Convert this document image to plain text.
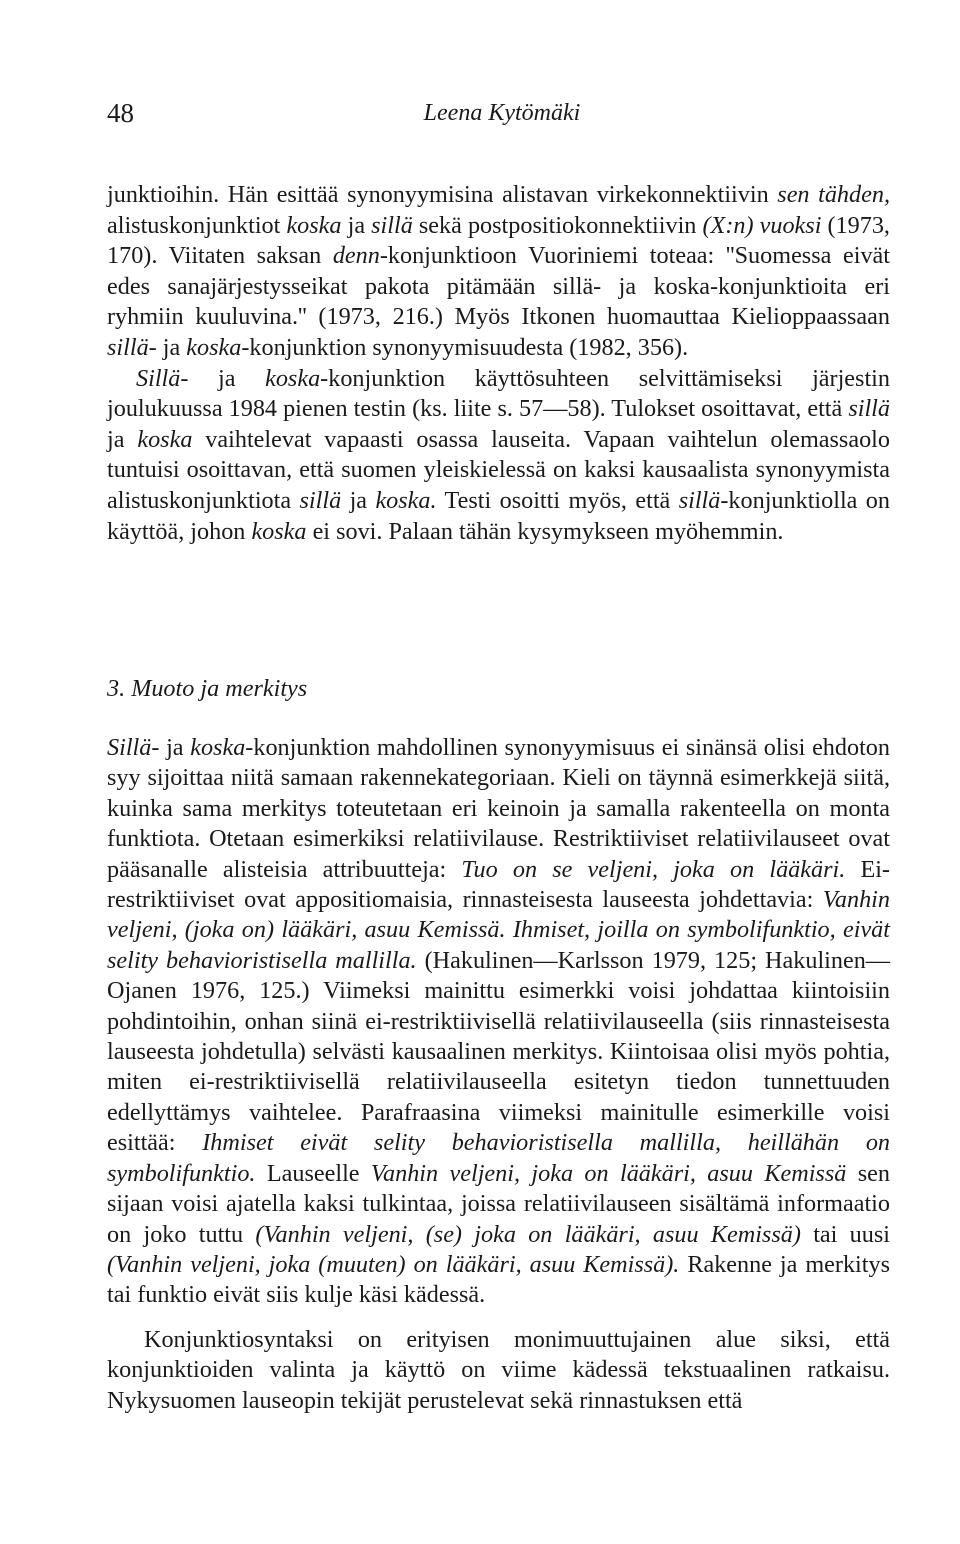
48	Leena Kytömäki

junktioihin. Hän esittää synonyymisina alistavan virkekonnektiivin sen tähden, alistuskonjunktiot koska ja sillä sekä postpositiokonnektiivin (X:n) vuoksi (1973, 170). Viitaten saksan denn-konjunktioon Vuoriniemi toteaa: ''Suomessa eivät edes sanajärjestysseikat pakota pitämään sillä- ja koska-konjunktioita eri ryhmiin kuuluvina.'' (1973, 216.) Myös Itkonen huomauttaa Kielioppaassaan sillä- ja koska-konjunktion synonyymisuudesta (1982, 356).

Sillä- ja koska-konjunktion käyttösuhteen selvittämiseksi järjestin joulukuussa 1984 pienen testin (ks. liite s. 57—58). Tulokset osoittavat, että sillä ja koska vaihtelevat vapaasti osassa lauseita. Vapaan vaihtelun olemassaolo tuntuisi osoittavan, että suomen yleiskielessä on kaksi kausaalista synonyymista alistuskonjunktiota sillä ja koska. Testi osoitti myös, että sillä-konjunktiolla on käyttöä, johon koska ei sovi. Palaan tähän kysymykseen myöhemmin.

3. Muoto ja merkitys

Sillä- ja koska-konjunktion mahdollinen synonyymisuus ei sinänsä olisi ehdoton syy sijoittaa niitä samaan rakennekategoriaan. Kieli on täynnä esimerkkejä siitä, kuinka sama merkitys toteutetaan eri keinoin ja samalla rakenteella on monta funktiota. Otetaan esimerkiksi relatiivilause. Restriktiiviset relatiivilauseet ovat pääsanalle alisteisia attribuutteja: Tuo on se veljeni, joka on lääkäri. Ei-restriktiiviset ovat appositiomaisia, rinnasteisesta lauseesta johdettavia: Vanhin veljeni, (joka on) lääkäri, asuu Kemissä. Ihmiset, joilla on symbolifunktio, eivät selity behavioristisella mallilla. (Hakulinen—Karlsson 1979, 125; Hakulinen—Ojanen 1976, 125.) Viimeksi mainittu esimerkki voisi johdattaa kiintoisiin pohdintoihin, onhan siinä ei-restriktiivisellä relatiivilauseella (siis rinnasteisesta lauseesta johdetulla) selvästi kausaalinen merkitys. Kiintoisaa olisi myös pohtia, miten ei-restriktiivisellä relatiivilauseella esitetyn tiedon tunnettuuden edellyttämys vaihtelee. Parafraasina viimeksi mainitulle esimerkille voisi esittää: Ihmiset eivät selity behavioristisella mallilla, heillähän on symbolifunktio. Lauseelle Vanhin veljeni, joka on lääkäri, asuu Kemissä sen sijaan voisi ajatella kaksi tulkintaa, joissa relatiivilauseen sisältämä informaatio on joko tuttu (Vanhin veljeni, (se) joka on lääkäri, asuu Kemissä) tai uusi (Vanhin veljeni, joka (muuten) on lääkäri, asuu Kemissä). Rakenne ja merkitys tai funktio eivät siis kulje käsi kädessä.

Konjunktiosyntaksi on erityisen monimuuttujainen alue siksi, että konjunktioiden valinta ja käyttö on viime kädessä tekstuaalinen ratkaisu. Nykysuomen lauseopin tekijät perustelevat sekä rinnastuksen että
